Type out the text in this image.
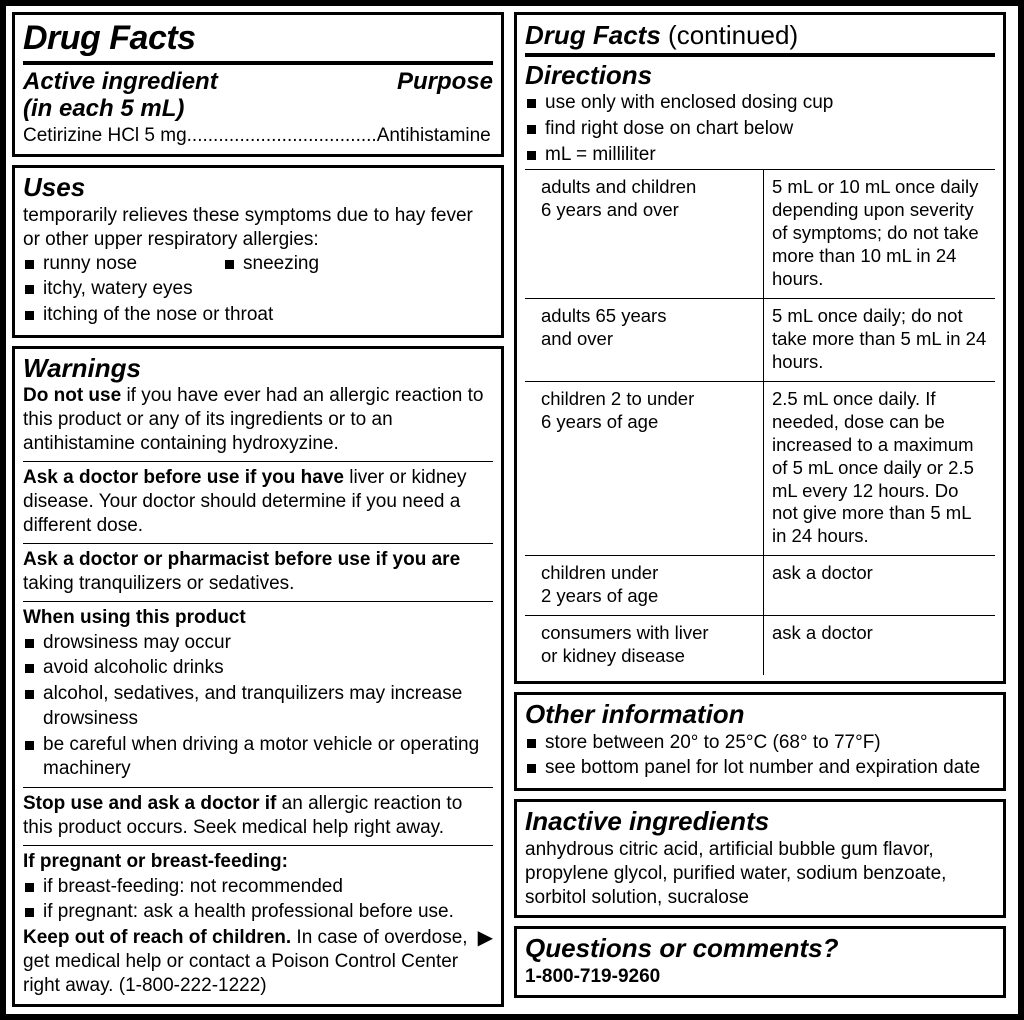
Drug Facts
Active ingredient
(in each 5 mL)
Purpose
Cetirizine HCl 5 mg....................................Antihistamine
Uses
temporarily relieves these symptoms due to hay fever or other upper respiratory allergies:
runny nose	sneezing
itchy, watery eyes
itching of the nose or throat
Warnings
Do not use if you have ever had an allergic reaction to this product or any of its ingredients or to an antihistamine containing hydroxyzine.
Ask a doctor before use if you have liver or kidney disease. Your doctor should determine if you need a different dose.
Ask a doctor or pharmacist before use if you are taking tranquilizers or sedatives.
When using this product
drowsiness may occur
avoid alcoholic drinks
alcohol, sedatives, and tranquilizers may increase drowsiness
be careful when driving a motor vehicle or operating machinery
Stop use and ask a doctor if an allergic reaction to this product occurs. Seek medical help right away.
If pregnant or breast-feeding:
if breast-feeding: not recommended
if pregnant: ask a health professional before use.
▶
Keep out of reach of children. In case of overdose, get medical help or contact a Poison Control Center right away. (1-800-222-1222)
Drug Facts (continued)
Directions
use only with enclosed dosing cup
find right dose on chart below
mL = milliliter
adults and children
6 years and over	5 mL or 10 mL once daily depending upon severity of symptoms; do not take more than 10 mL in 24 hours.
adults 65 years
and over	5 mL once daily; do not take more than 5 mL in 24 hours.
children 2 to under
6 years of age	2.5 mL once daily. If needed, dose can be increased to a maximum of 5 mL once daily or 2.5 mL every 12 hours. Do not give more than 5 mL in 24 hours.
children under
2 years of age	ask a doctor
consumers with liver
or kidney disease	ask a doctor
Other information
store between 20° to 25°C (68° to 77°F)
see bottom panel for lot number and expiration date
Inactive ingredients
anhydrous citric acid, artificial bubble gum flavor, propylene glycol, purified water, sodium benzoate, sorbitol solution, sucralose
Questions or comments?
1-800-719-9260
